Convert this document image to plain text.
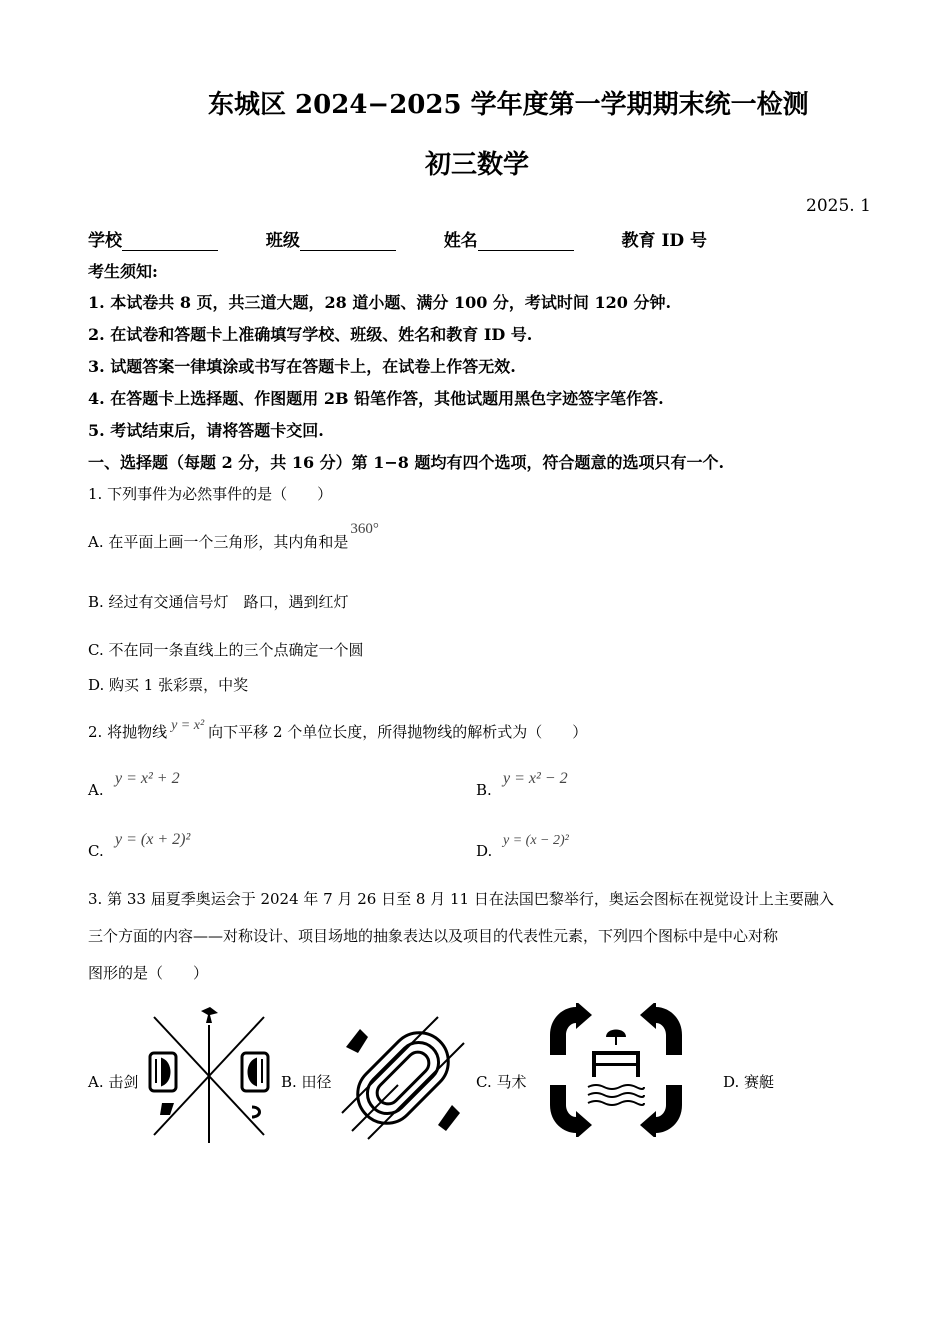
东城区 2024−2025 学年度第一学期期末统一检测
初三数学
2025. 1
学校	班级	姓名	教育 ID 号
考生须知:
1. 本试卷共 8 页，共三道大题，28 道小题、满分 100 分，考试时间 120 分钟.
2. 在试卷和答题卡上准确填写学校、班级、姓名和教育 ID 号.
3. 试题答案一律填涂或书写在答题卡上，在试卷上作答无效.
4. 在答题卡上选择题、作图题用 2B 铅笔作答，其他试题用黑色字迹签字笔作答.
5. 考试结束后，请将答题卡交回.
一、选择题（每题 2 分，共 16 分）第 1−8 题均有四个选项，符合题意的选项只有一个.
1. 下列事件为必然事件的是（　　）
A. 在平面上画一个三角形，其内角和是360°
B. 经过有交通信号灯　路口，遇到红灯
C. 不在同一条直线上的三个点确定一个圆
D. 购买 1 张彩票，中奖
2. 将抛物线 y = x² 向下平移 2 个单位长度，所得抛物线的解析式为（　　）
A.
y = x² + 2
B.
y = x² − 2
C.
y = (x + 2)²
D.
y = (x − 2)²
3. 第 33 届夏季奥运会于 2024 年 7 月 26 日至 8 月 11 日在法国巴黎举行，奥运会图标在视觉设计上主要融入
三个方面的内容——对称设计、项目场地的抽象表达以及项目的代表性元素，下列四个图标中是中心对称
图形的是（　　）
A. 击剑	B. 田径	C. 马术	D. 赛艇
